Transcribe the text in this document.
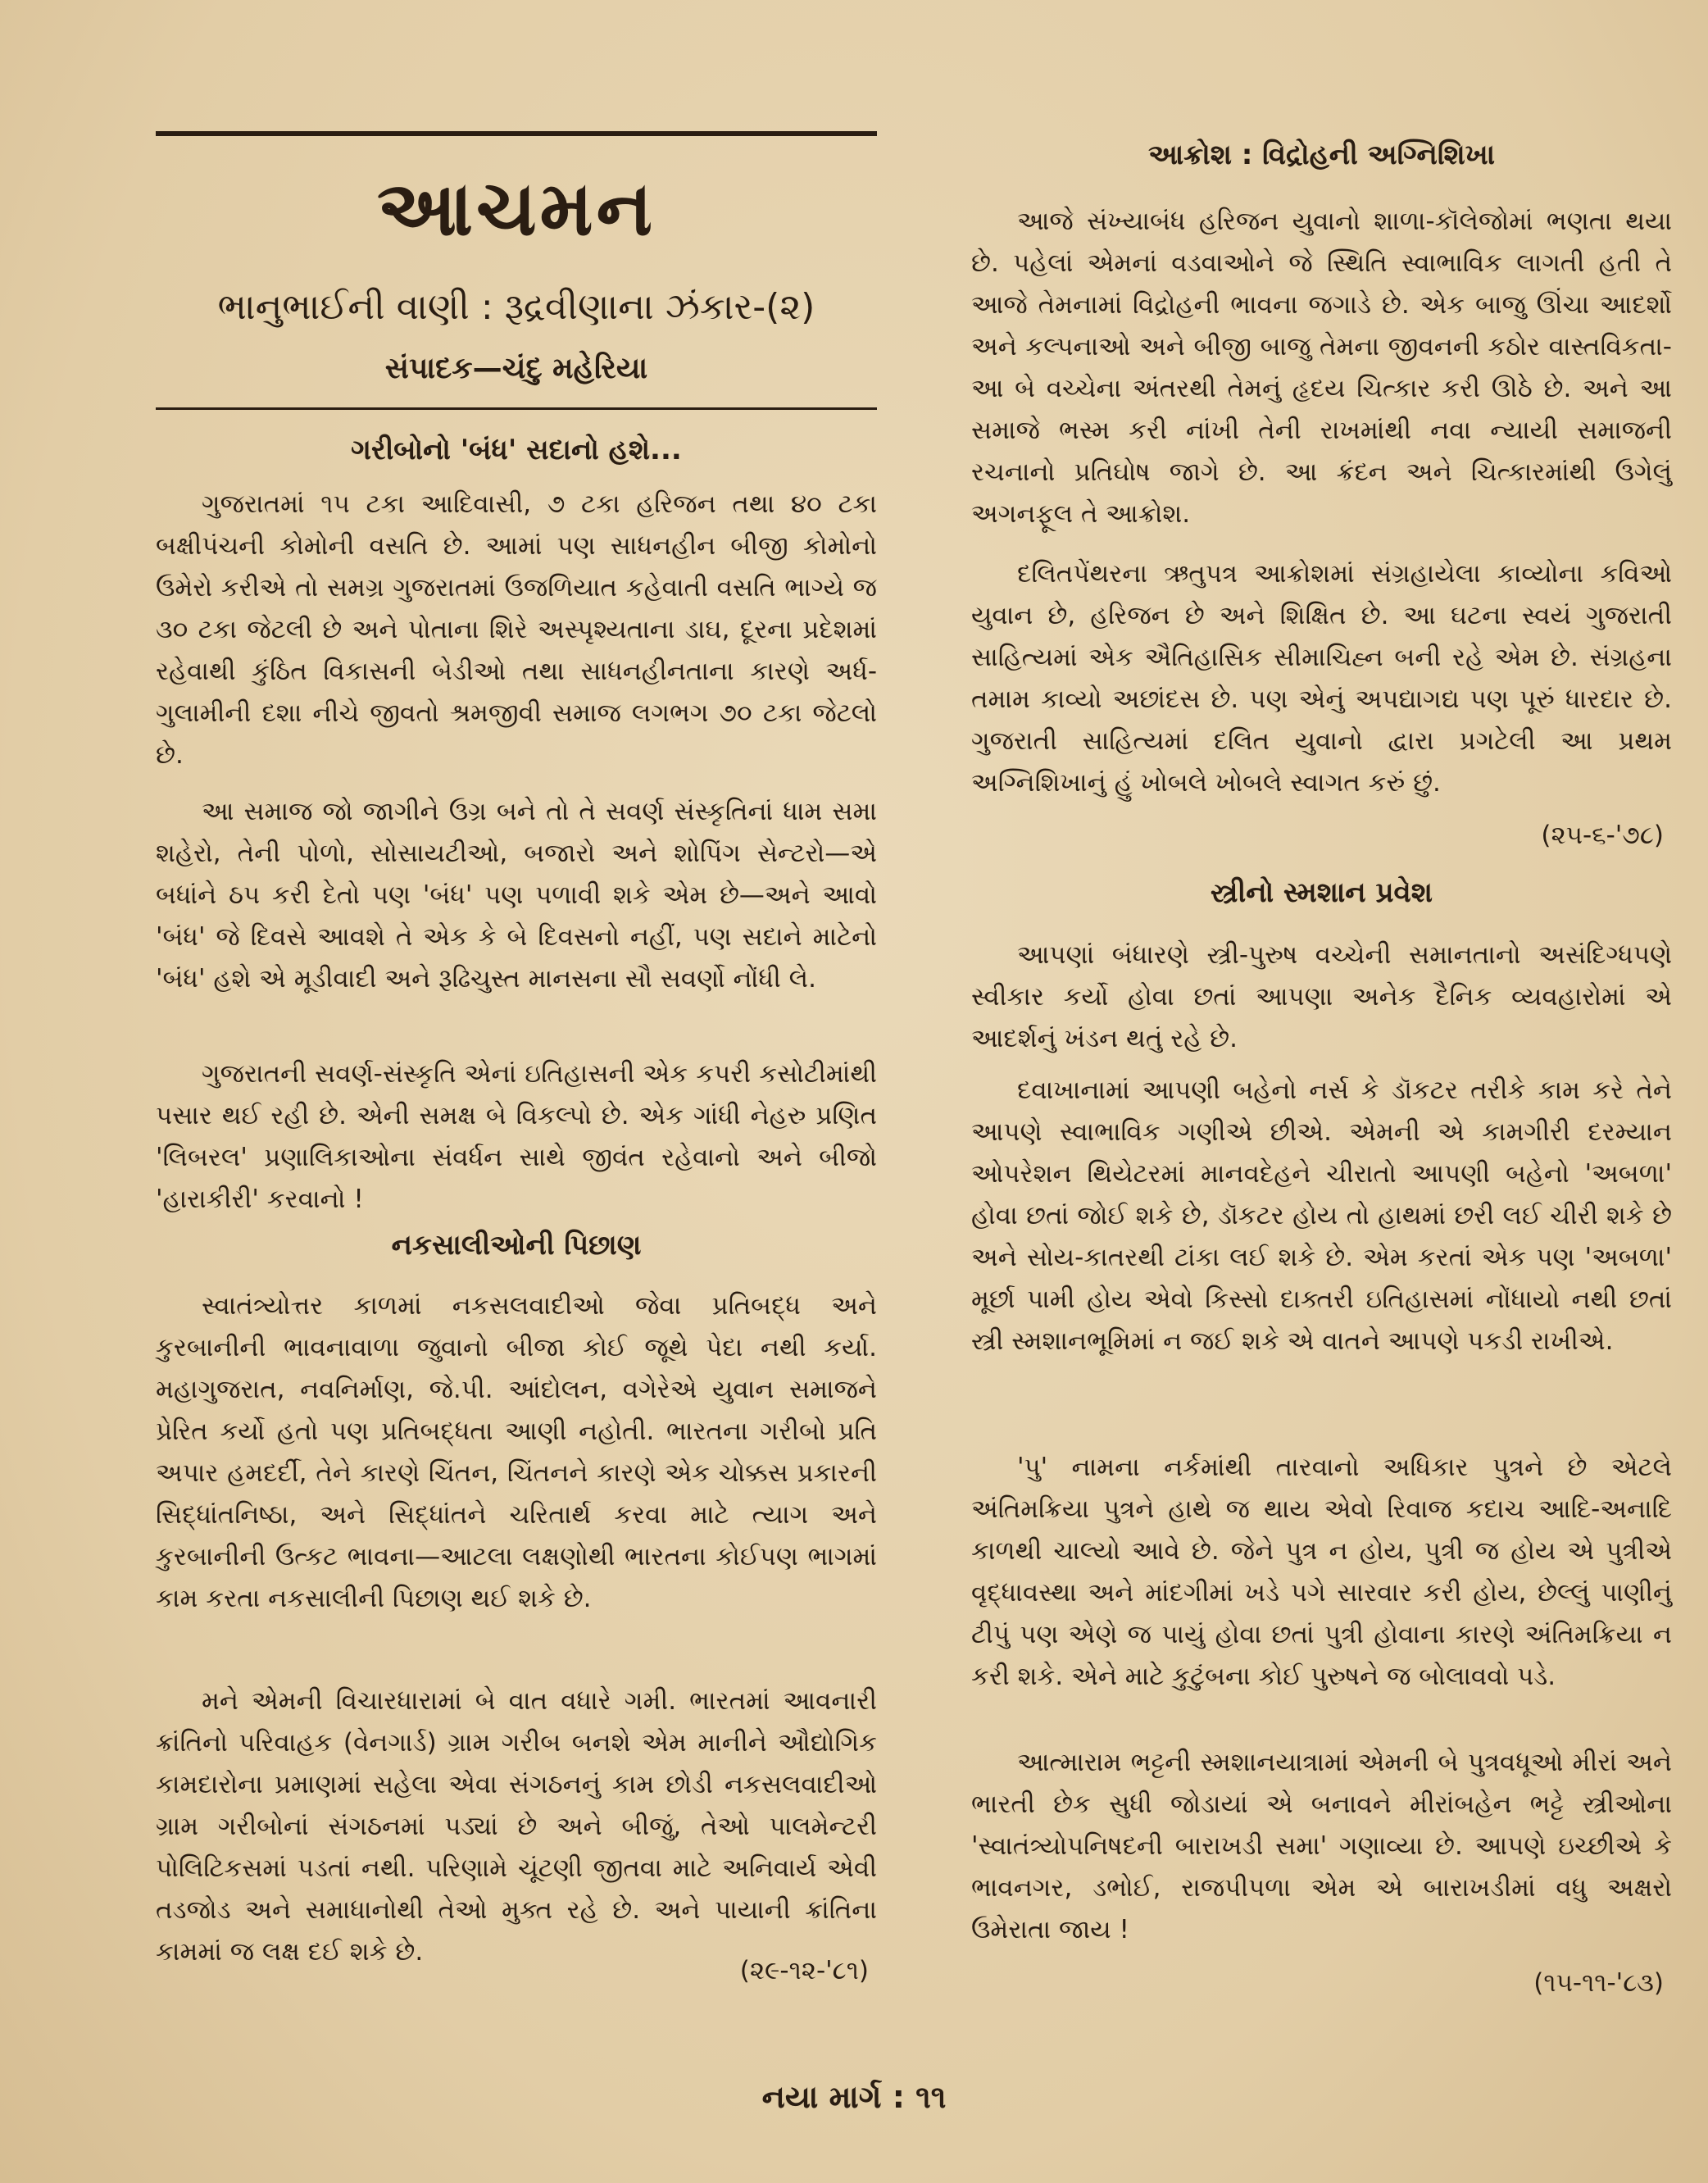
આચમન
ભાનુભાઈની વાણી : રૂદ્રવીણાના ઝંકાર-(૨)
સંપાદક—ચંદુ મહેરિયા
ગરીબોનો 'બંધ' સદાનો હશે...
ગુજરાતમાં ૧૫ ટકા આદિવાસી, ૭ ટકા હરિજન તથા ૪૦ ટકા બક્ષીપંચની કોમોની વસતિ છે. આમાં પણ સાધનહીન બીજી કોમોનો ઉમેરો કરીએ તો સમગ્ર ગુજરાતમાં ઉજળિયાત કહેવાતી વસતિ ભાગ્યે જ ૩૦ ટકા જેટલી છે અને પોતાના શિરે અસ્પૃશ્યતાના ડાઘ, દૂરના પ્રદેશમાં રહેવાથી કુંઠિત વિકાસની બેડીઓ તથા સાધનહીનતાના કારણે અર્ધ-ગુલામીની દશા નીચે જીવતો શ્રમજીવી સમાજ લગભગ ૭૦ ટકા જેટલો છે.
આ સમાજ જો જાગીને ઉગ્ર બને તો તે સવર્ણ સંસ્કૃતિનાં ધામ સમા શહેરો, તેની પોળો, સોસાયટીઓ, બજારો અને શોપિંગ સેન્ટરો—એ બધાંને ઠપ કરી દેતો પણ 'બંધ' પણ પળાવી શકે એમ છે—અને આવો 'બંધ' જે દિવસે આવશે તે એક કે બે દિવસનો નહીં, પણ સદાને માટેનો 'બંધ' હશે એ મૂડીવાદી અને રૂઢિચુસ્ત માનસના સૌ સવર્ણો નોંધી લે.
ગુજરાતની સવર્ણ-સંસ્કૃતિ એનાં ઇતિહાસની એક કપરી કસોટીમાંથી પસાર થઈ રહી છે. એની સમક્ષ બે વિકલ્પો છે. એક ગાંધી નેહરુ પ્રણિત 'લિબરલ' પ્રણાલિકાઓના સંવર્ધન સાથે જીવંત રહેવાનો અને બીજો 'હારાકીરી' કરવાનો !
નકસાલીઓની પિછાણ
સ્વાતંત્ર્યોત્તર કાળમાં નકસલવાદીઓ જેવા પ્રતિબદ્ધ અને કુરબાનીની ભાવનાવાળા જુવાનો બીજા કોઈ જૂથે પેદા નથી કર્યા. મહાગુજરાત, નવનિર્માણ, જે.પી. આંદોલન, વગેરેએ યુવાન સમાજને પ્રેરિત કર્યો હતો પણ પ્રતિબદ્ધતા આણી નહોતી. ભારતના ગરીબો પ્રતિ અપાર હમદર્દી, તેને કારણે ચિંતન, ચિંતનને કારણે એક ચોક્કસ પ્રકારની સિદ્ધાંતનિષ્ઠા, અને સિદ્ધાંતને ચરિતાર્થ કરવા માટે ત્યાગ અને કુરબાનીની ઉત્કટ ભાવના—આટલા લક્ષણોથી ભારતના કોઈપણ ભાગમાં કામ કરતા નકસાલીની પિછાણ થઈ શકે છે.
મને એમની વિચારધારામાં બે વાત વધારે ગમી. ભારતમાં આવનારી ક્રાંતિનો પરિવાહક (વેનગાર્ડ) ગ્રામ ગરીબ બનશે એમ માનીને ઔદ્યોગિક કામદારોના પ્રમાણમાં સહેલા એવા સંગઠનનું કામ છોડી નકસલવાદીઓ ગ્રામ ગરીબોનાં સંગઠનમાં પડ્યાં છે અને બીજું, તેઓ પાલમેન્ટરી પોલિટિકસમાં પડતાં નથી. પરિણામે ચૂંટણી જીતવા માટે અનિવાર્ય એવી તડજોડ અને સમાધાનોથી તેઓ મુક્ત રહે છે. અને પાયાની ક્રાંતિના કામમાં જ લક્ષ દઈ શકે છે.
(૨૯-૧૨-'૮૧)
આક્રોશ : વિદ્રોહની અગ્નિશિખા
આજે સંખ્યાબંધ હરિજન યુવાનો શાળા-કૉલેજોમાં ભણતા થયા છે. પહેલાં એમનાં વડવાઓને જે સ્થિતિ સ્વાભાવિક લાગતી હતી તે આજે તેમનામાં વિદ્રોહની ભાવના જગાડે છે. એક બાજુ ઊંચા આદર્શો અને કલ્પનાઓ અને બીજી બાજુ તેમના જીવનની કઠોર વાસ્તવિકતા-આ બે વચ્ચેના અંતરથી તેમનું હૃદય ચિત્કાર કરી ઊઠે છે. અને આ સમાજે ભસ્મ કરી નાંખી તેની રાખમાંથી નવા ન્યાયી સમાજની રચનાનો પ્રતિઘોષ જાગે છે. આ ક્રંદન અને ચિત્કારમાંથી ઉગેલું અગનફૂલ તે આક્રોશ.
દલિતપેંથરના ઋતુપત્ર આક્રોશમાં સંગ્રહાયેલા કાવ્યોના કવિઓ યુવાન છે, હરિજન છે અને શિક્ષિત છે. આ ઘટના સ્વયં ગુજરાતી સાહિત્યમાં એક ઐતિહાસિક સીમાચિહ્ન બની રહે એમ છે. સંગ્રહના તમામ કાવ્યો અછાંદસ છે. પણ એનું અપદ્યાગદ્ય પણ પૂરું ધારદાર છે. ગુજરાતી સાહિત્યમાં દલિત યુવાનો દ્વારા પ્રગટેલી આ પ્રથમ અગ્નિશિખાનું હું ખોબલે ખોબલે સ્વાગત કરું છું.
(૨૫-૬-'૭૮)
સ્ત્રીનો સ્મશાન પ્રવેશ
આપણાં બંધારણે સ્ત્રી-પુરુષ વચ્ચેની સમાનતાનો અસંદિગ્ધપણે સ્વીકાર કર્યો હોવા છતાં આપણા અનેક દૈનિક વ્યવહારોમાં એ આદર્શનું ખંડન થતું રહે છે.
દવાખાનામાં આપણી બહેનો નર્સ કે ડૉકટર તરીકે કામ કરે તેને આપણે સ્વાભાવિક ગણીએ છીએ. એમની એ કામગીરી દરમ્યાન ઓપરેશન થિયેટરમાં માનવદેહને ચીરાતો આપણી બહેનો 'અબળા' હોવા છતાં જોઈ શકે છે, ડૉકટર હોય તો હાથમાં છરી લઈ ચીરી શકે છે અને સોય-કાતરથી ટાંકા લઈ શકે છે. એમ કરતાં એક પણ 'અબળા' મૂર્છા પામી હોય એવો કિસ્સો દાક્તરી ઇતિહાસમાં નોંધાયો નથી છતાં સ્ત્રી સ્મશાનભૂમિમાં ન જઈ શકે એ વાતને આપણે પકડી રાખીએ.
'પુ' નામના નર્કમાંથી તારવાનો અધિકાર પુત્રને છે એટલે અંતિમક્રિયા પુત્રને હાથે જ થાય એવો રિવાજ કદાચ આદિ-અનાદિ કાળથી ચાલ્યો આવે છે. જેને પુત્ર ન હોય, પુત્રી જ હોય એ પુત્રીએ વૃદ્ધાવસ્થા અને માંદગીમાં ખડે પગે સારવાર કરી હોય, છેલ્લું પાણીનું ટીપું પણ એણે જ પાયું હોવા છતાં પુત્રી હોવાના કારણે અંતિમક્રિયા ન કરી શકે. એને માટે કુટુંબના કોઈ પુરુષને જ બોલાવવો પડે.
આત્મારામ ભટ્ટની સ્મશાનયાત્રામાં એમની બે પુત્રવધૂઓ મીરાં અને ભારતી છેક સુધી જોડાયાં એ બનાવને મીરાંબહેન ભટ્ટે સ્ત્રીઓના 'સ્વાતંત્ર્યોપનિષદની બારાખડી સમા' ગણાવ્યા છે. આપણે ઇચ્છીએ કે ભાવનગર, ડભોઈ, રાજપીપળા એમ એ બારાખડીમાં વધુ અક્ષરો ઉમેરાતા જાય !
(૧૫-૧૧-'૮૩)
નયા માર્ગ : ૧૧
